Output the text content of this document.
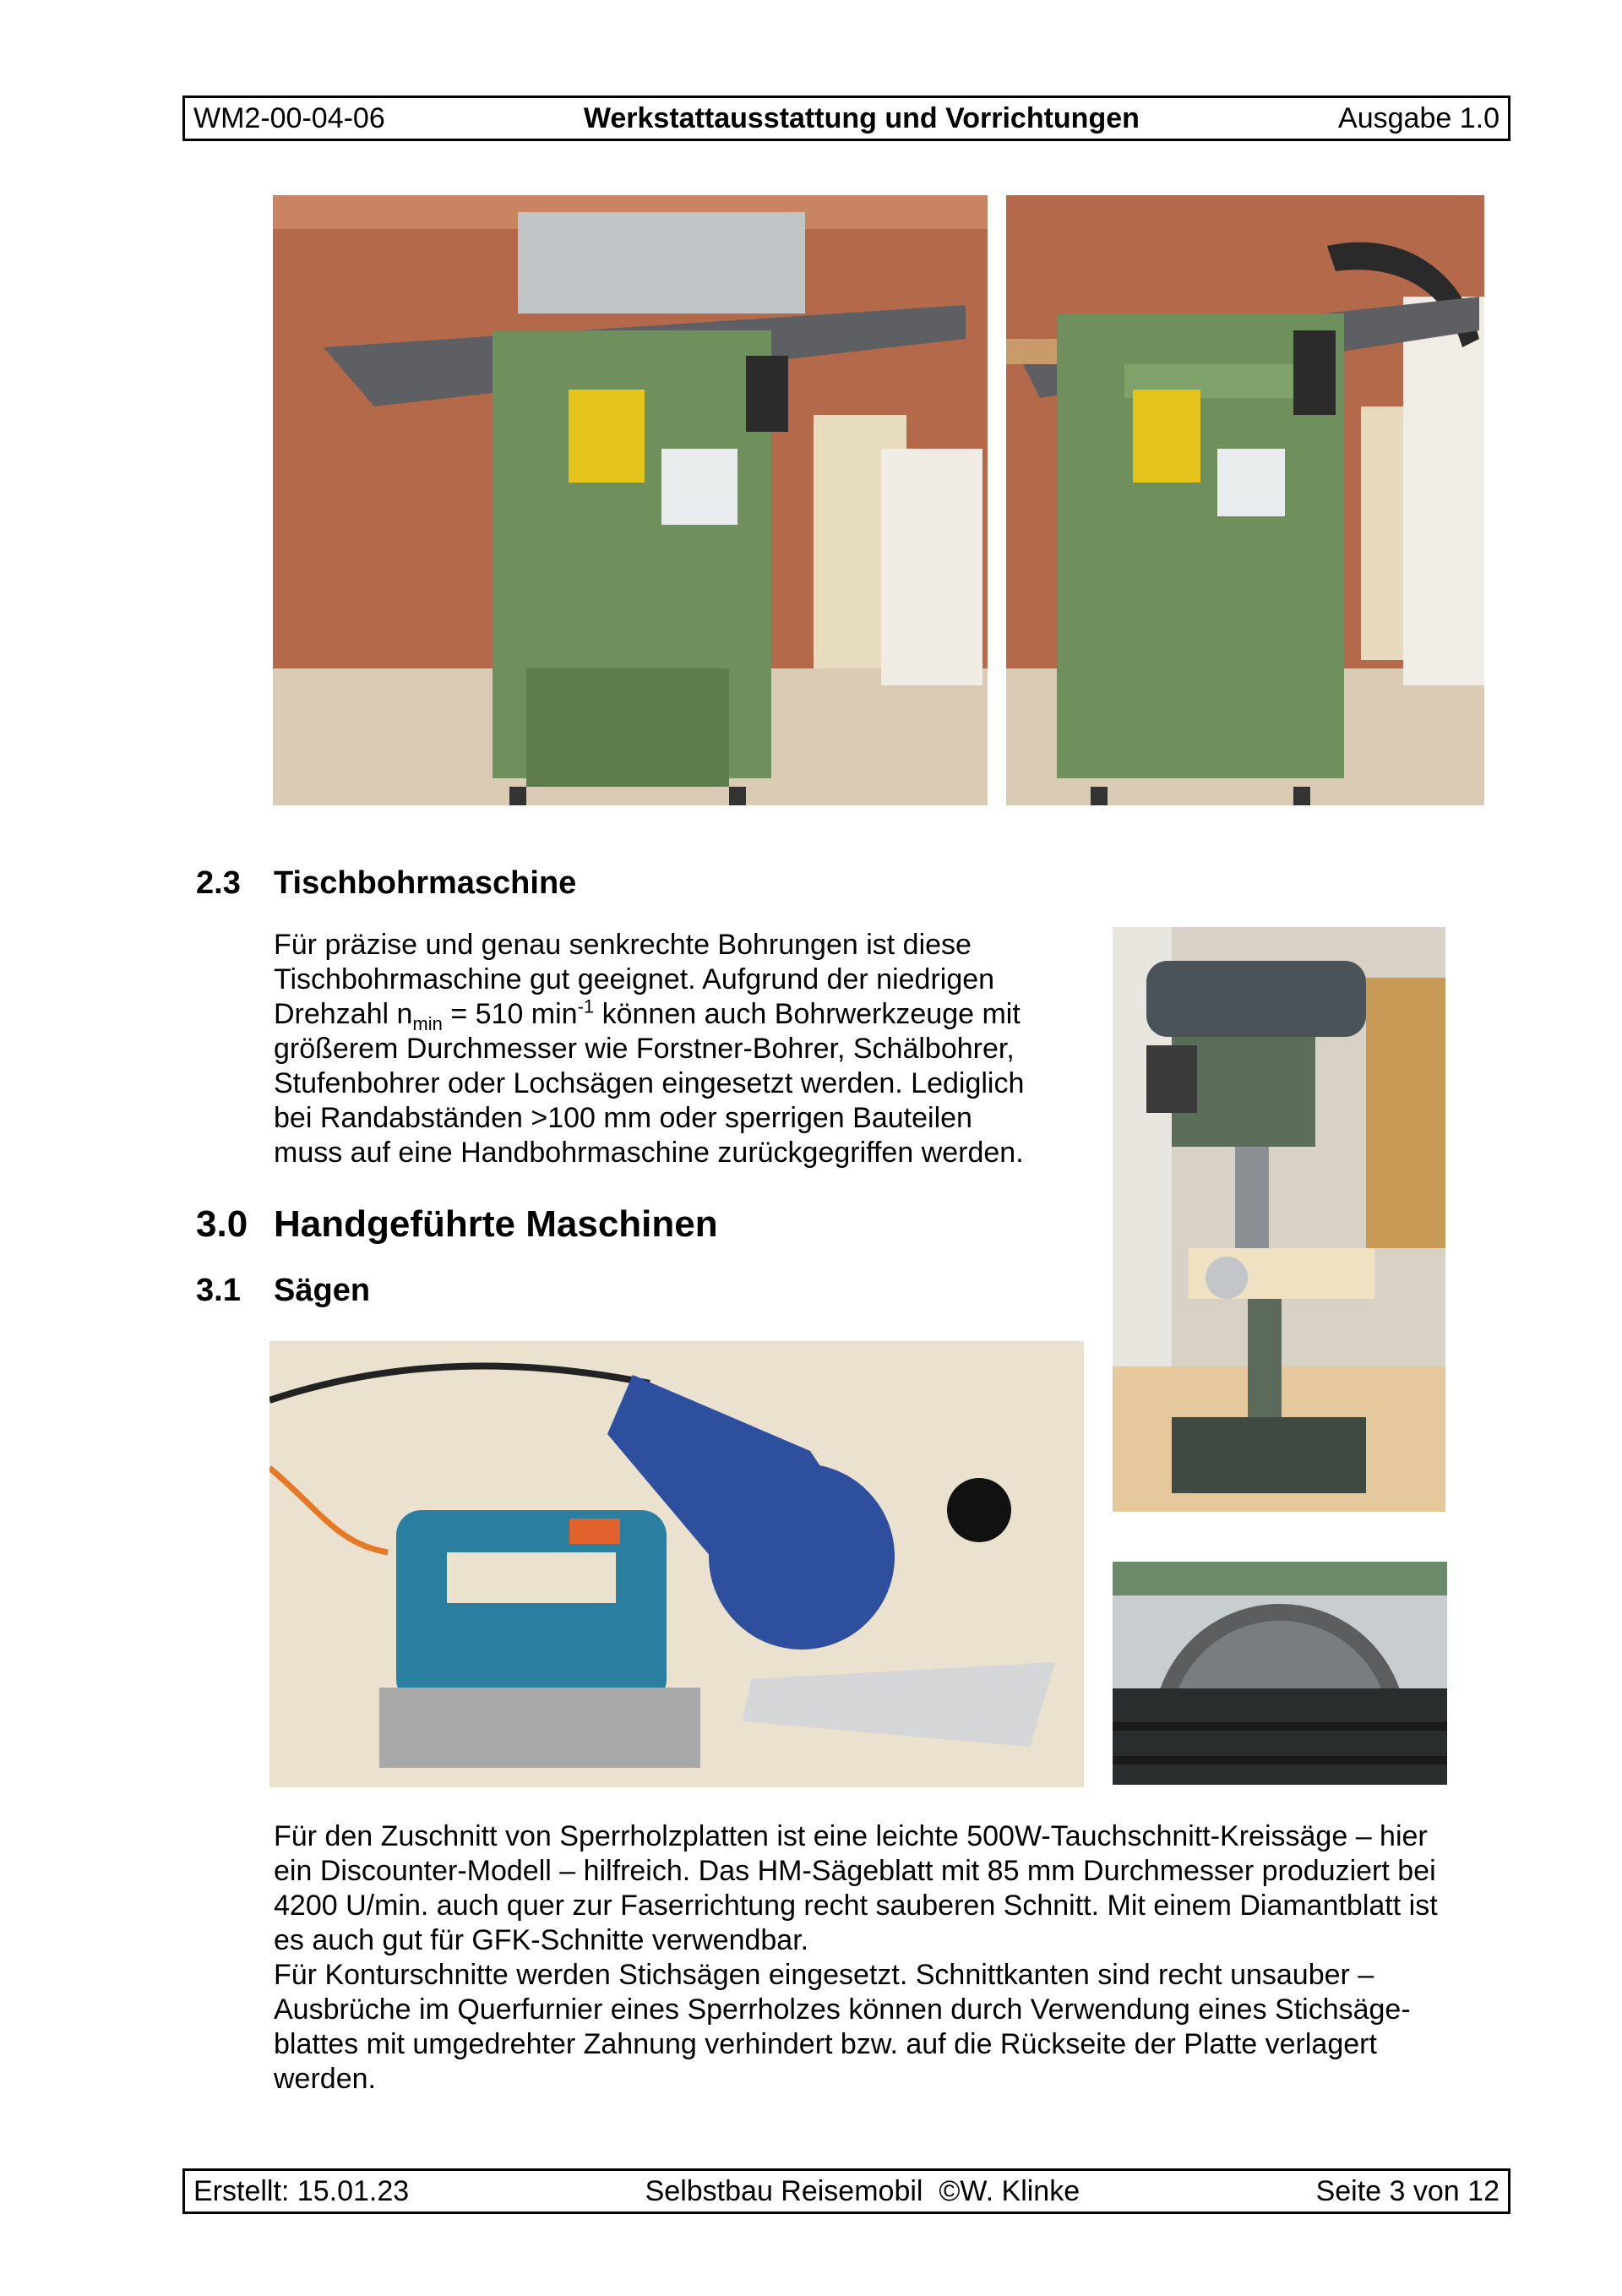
WM2-00-04-06	Werkstattausstattung und Vorrichtungen	Ausgabe 1.0
2.3 Tischbohrmaschine

Für präzise und genau senkrechte Bohrungen ist diese

Tischbohrmaschine gut geeignet. Aufgrund der niedrigen

Drehzahl $n_{min} = 510$ $\min^{-1}$ können auch Bohrwerkzeuge mit

größerem Durchmesser wie Forstner-Bohrer, Schälbohrer,

Stufenbohrer oder Lochsägen eingesetzt werden. Lediglich

bei Randabständen >100 mm oder sperrigen Bauteilen

muss auf eine Handbohrmaschine zurückgegriffen werden.

3.0 Handgeführte Maschinen
3.1 Sägen

Für den Zuschnitt von Sperrholzplatten ist eine leichte 500W-Tauchschnitt-Kreissäge – hier

ein Discounter-Modell – hilfreich. Das HM-Sägeblatt mit 85 mm Durchmesser produziert bei

4200 U/min. auch quer zur Faserrichtung recht sauberen Schnitt. Mit einem Diamantblatt ist

es auch gut für GFK-Schnitte verwendbar.

Für Konturschnitte werden Stichsägen eingesetzt. Schnittkanten sind recht unsauber –

Ausbrüche im Querfurnier eines Sperrholzes können durch Verwendung eines Stichsäge-

blattes mit umgedrehter Zahnung verhindert bzw. auf die Rückseite der Platte verlagert

werden.

Erstellt: 15.01.23	Selbstbau Reisemobil  ©W. Klinke	Seite 3 von 12
